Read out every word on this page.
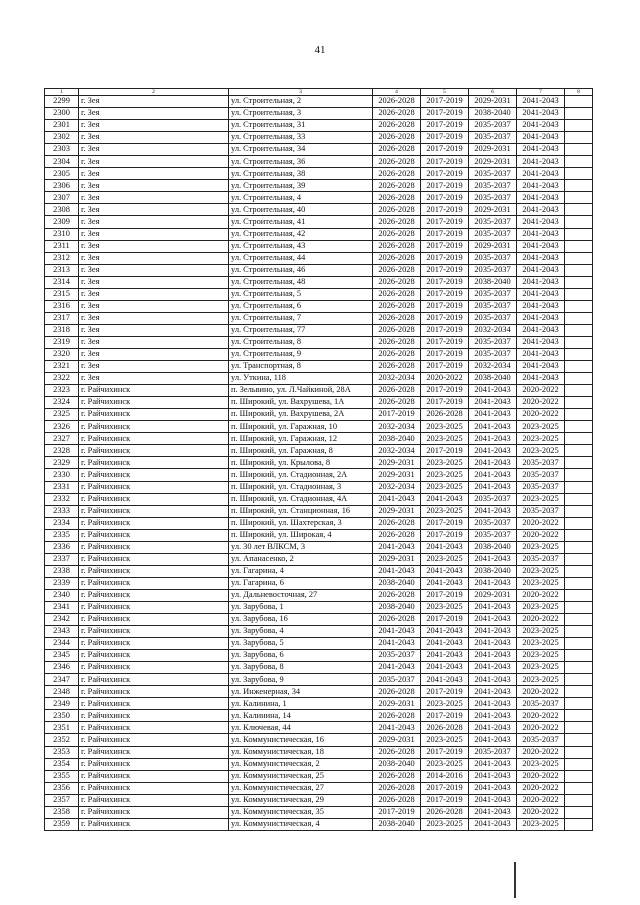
41
1	2	3	4	5	6	7	8
2299	г. Зея	ул. Строительная, 2	2026-2028	2017-2019	2029-2031	2041-2043	
2300	г. Зея	ул. Строительная, 3	2026-2028	2017-2019	2038-2040	2041-2043	
2301	г. Зея	ул. Строительная, 31	2026-2028	2017-2019	2035-2037	2041-2043	
2302	г. Зея	ул. Строительная, 33	2026-2028	2017-2019	2035-2037	2041-2043	
2303	г. Зея	ул. Строительная, 34	2026-2028	2017-2019	2029-2031	2041-2043	
2304	г. Зея	ул. Строительная, 36	2026-2028	2017-2019	2029-2031	2041-2043	
2305	г. Зея	ул. Строительная, 38	2026-2028	2017-2019	2035-2037	2041-2043	
2306	г. Зея	ул. Строительная, 39	2026-2028	2017-2019	2035-2037	2041-2043	
2307	г. Зея	ул. Строительная, 4	2026-2028	2017-2019	2035-2037	2041-2043	
2308	г. Зея	ул. Строительная, 40	2026-2028	2017-2019	2029-2031	2041-2043	
2309	г. Зея	ул. Строительная, 41	2026-2028	2017-2019	2035-2037	2041-2043	
2310	г. Зея	ул. Строительная, 42	2026-2028	2017-2019	2035-2037	2041-2043	
2311	г. Зея	ул. Строительная, 43	2026-2028	2017-2019	2029-2031	2041-2043	
2312	г. Зея	ул. Строительная, 44	2026-2028	2017-2019	2035-2037	2041-2043	
2313	г. Зея	ул. Строительная, 46	2026-2028	2017-2019	2035-2037	2041-2043	
2314	г. Зея	ул. Строительная, 48	2026-2028	2017-2019	2038-2040	2041-2043	
2315	г. Зея	ул. Строительная, 5	2026-2028	2017-2019	2035-2037	2041-2043	
2316	г. Зея	ул. Строительная, 6	2026-2028	2017-2019	2035-2037	2041-2043	
2317	г. Зея	ул. Строительная, 7	2026-2028	2017-2019	2035-2037	2041-2043	
2318	г. Зея	ул. Строительная, 77	2026-2028	2017-2019	2032-2034	2041-2043	
2319	г. Зея	ул. Строительная, 8	2026-2028	2017-2019	2035-2037	2041-2043	
2320	г. Зея	ул. Строительная, 9	2026-2028	2017-2019	2035-2037	2041-2043	
2321	г. Зея	ул. Транспортная, 8	2026-2028	2017-2019	2032-2034	2041-2043	
2322	г. Зея	ул. Уткина, 118	2032-2034	2020-2022	2038-2040	2041-2043	
2323	г. Райчихинск	п. Зельвино, ул. Л.Чайкиной, 28А	2026-2028	2017-2019	2041-2043	2020-2022	
2324	г. Райчихинск	п. Широкий, ул. Вахрушева, 1А	2026-2028	2017-2019	2041-2043	2020-2022	
2325	г. Райчихинск	п. Широкий, ул. Вахрушева, 2А	2017-2019	2026-2028	2041-2043	2020-2022	
2326	г. Райчихинск	п. Широкий, ул. Гаражная, 10	2032-2034	2023-2025	2041-2043	2023-2025	
2327	г. Райчихинск	п. Широкий, ул. Гаражная, 12	2038-2040	2023-2025	2041-2043	2023-2025	
2328	г. Райчихинск	п. Широкий, ул. Гаражная, 8	2032-2034	2017-2019	2041-2043	2023-2025	
2329	г. Райчихинск	п. Широкий, ул. Крылова, 8	2029-2031	2023-2025	2041-2043	2035-2037	
2330	г. Райчихинск	п. Широкий, ул. Стадионная, 2А	2029-2031	2023-2025	2041-2043	2035-2037	
2331	г. Райчихинск	п. Широкий, ул. Стадионная, 3	2032-2034	2023-2025	2041-2043	2035-2037	
2332	г. Райчихинск	п. Широкий, ул. Стадионная, 4А	2041-2043	2041-2043	2035-2037	2023-2025	
2333	г. Райчихинск	п. Широкий, ул. Станционная, 16	2029-2031	2023-2025	2041-2043	2035-2037	
2334	г. Райчихинск	п. Широкий, ул. Шахтерская, 3	2026-2028	2017-2019	2035-2037	2020-2022	
2335	г. Райчихинск	п. Широкий, ул. Широкая, 4	2026-2028	2017-2019	2035-2037	2020-2022	
2336	г. Райчихинск	ул. 30 лет ВЛКСМ, 3	2041-2043	2041-2043	2038-2040	2023-2025	
2337	г. Райчихинск	ул. Апанасенко, 2	2029-2031	2023-2025	2041-2043	2035-2037	
2338	г. Райчихинск	ул. Гагарина, 4	2041-2043	2041-2043	2038-2040	2023-2025	
2339	г. Райчихинск	ул. Гагарина, 6	2038-2040	2041-2043	2041-2043	2023-2025	
2340	г. Райчихинск	ул. Дальневосточная, 27	2026-2028	2017-2019	2029-2031	2020-2022	
2341	г. Райчихинск	ул. Зарубова, 1	2038-2040	2023-2025	2041-2043	2023-2025	
2342	г. Райчихинск	ул. Зарубова, 16	2026-2028	2017-2019	2041-2043	2020-2022	
2343	г. Райчихинск	ул. Зарубова, 4	2041-2043	2041-2043	2041-2043	2023-2025	
2344	г. Райчихинск	ул. Зарубова, 5	2041-2043	2041-2043	2041-2043	2023-2025	
2345	г. Райчихинск	ул. Зарубова, 6	2035-2037	2041-2043	2041-2043	2023-2025	
2346	г. Райчихинск	ул. Зарубова, 8	2041-2043	2041-2043	2041-2043	2023-2025	
2347	г. Райчихинск	ул. Зарубова, 9	2035-2037	2041-2043	2041-2043	2023-2025	
2348	г. Райчихинск	ул. Инженерная, 34	2026-2028	2017-2019	2041-2043	2020-2022	
2349	г. Райчихинск	ул. Калинина, 1	2029-2031	2023-2025	2041-2043	2035-2037	
2350	г. Райчихинск	ул. Калинина, 14	2026-2028	2017-2019	2041-2043	2020-2022	
2351	г. Райчихинск	ул. Ключевая, 44	2041-2043	2026-2028	2041-2043	2020-2022	
2352	г. Райчихинск	ул. Коммунистическая, 16	2029-2031	2023-2025	2041-2043	2035-2037	
2353	г. Райчихинск	ул. Коммунистическая, 18	2026-2028	2017-2019	2035-2037	2020-2022	
2354	г. Райчихинск	ул. Коммунистическая, 2	2038-2040	2023-2025	2041-2043	2023-2025	
2355	г. Райчихинск	ул. Коммунистическая, 25	2026-2028	2014-2016	2041-2043	2020-2022	
2356	г. Райчихинск	ул. Коммунистическая, 27	2026-2028	2017-2019	2041-2043	2020-2022	
2357	г. Райчихинск	ул. Коммунистическая, 29	2026-2028	2017-2019	2041-2043	2020-2022	
2358	г. Райчихинск	ул. Коммунистическая, 35	2017-2019	2026-2028	2041-2043	2020-2022	
2359	г. Райчихинск	ул. Коммунистическая, 4	2038-2040	2023-2025	2041-2043	2023-2025	
